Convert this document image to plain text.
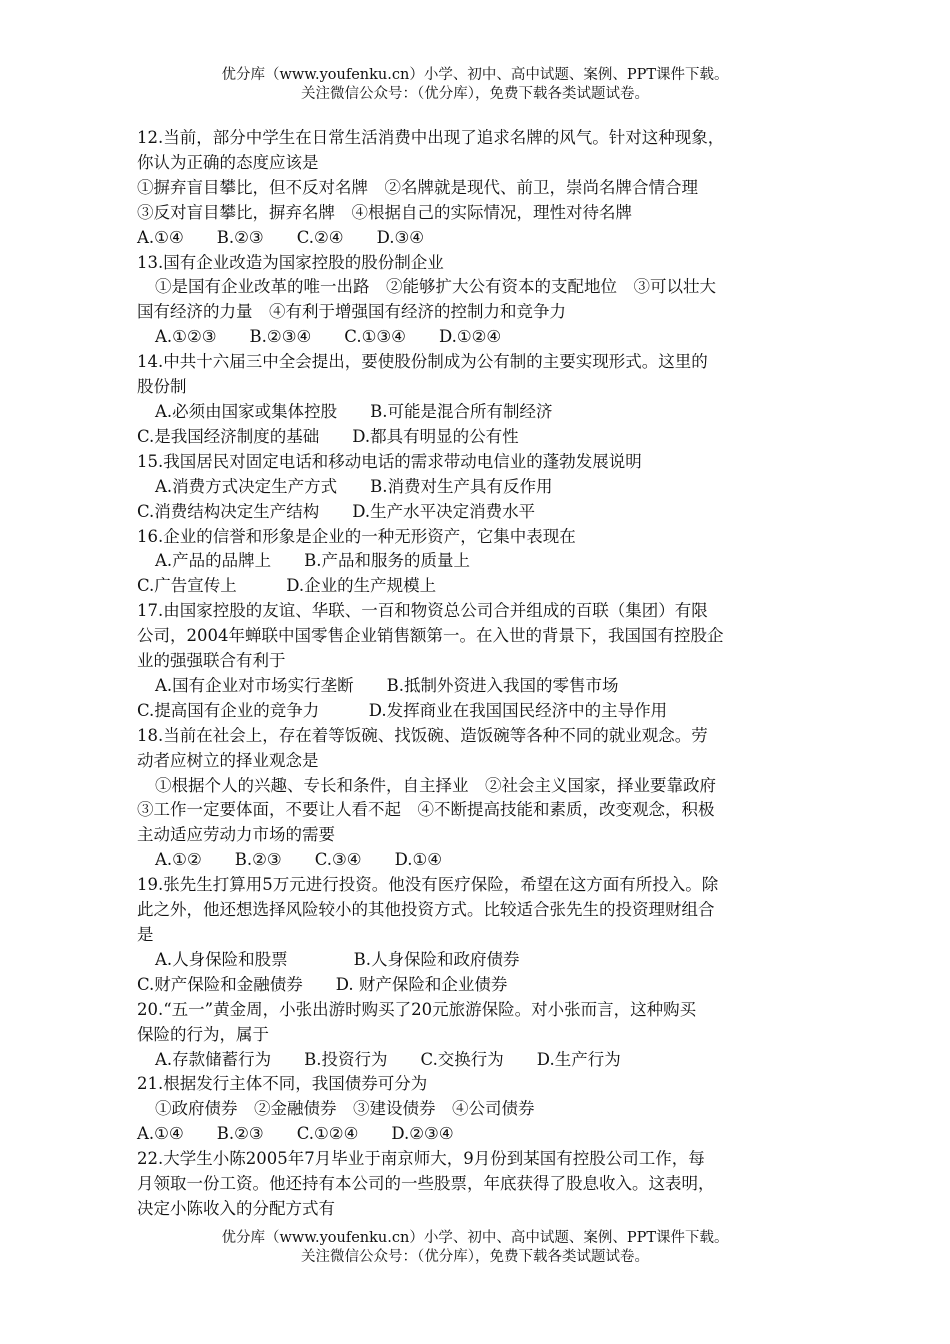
优分库（www.youfenku.cn）小学、初中、高中试题、案例、PPT课件下载。
关注微信公众号：（优分库），免费下载各类试题试卷。
12.当前，部分中学生在日常生活消费中出现了追求名牌的风气。针对这种现象，
你认为正确的态度应该是
①摒弃盲目攀比，但不反对名牌　②名牌就是现代、前卫，崇尚名牌合情合理
③反对盲目攀比，摒弃名牌　④根据自己的实际情况，理性对待名牌
A.①④　　B.②③　　C.②④　　D.③④
13.国有企业改造为国家控股的股份制企业
①是国有企业改革的唯一出路　②能够扩大公有资本的支配地位　③可以壮大
国有经济的力量　④有利于增强国有经济的控制力和竞争力
A.①②③　　B.②③④　　C.①③④　　D.①②④
14.中共十六届三中全会提出，要使股份制成为公有制的主要实现形式。这里的
股份制
A.必须由国家或集体控股　　B.可能是混合所有制经济
C.是我国经济制度的基础　　D.都具有明显的公有性
15.我国居民对固定电话和移动电话的需求带动电信业的蓬勃发展说明
A.消费方式决定生产方式　　B.消费对生产具有反作用
C.消费结构决定生产结构　　D.生产水平决定消费水平
16.企业的信誉和形象是企业的一种无形资产，它集中表现在
A.产品的品牌上　　B.产品和服务的质量上
C.广告宣传上　　　D.企业的生产规模上
17.由国家控股的友谊、华联、一百和物资总公司合并组成的百联（集团）有限
公司，2004年蝉联中国零售企业销售额第一。在入世的背景下，我国国有控股企
业的强强联合有利于
A.国有企业对市场实行垄断　　B.抵制外资进入我国的零售市场
C.提高国有企业的竞争力　　　D.发挥商业在我国国民经济中的主导作用
18.当前在社会上，存在着等饭碗、找饭碗、造饭碗等各种不同的就业观念。劳
动者应树立的择业观念是
①根据个人的兴趣、专长和条件，自主择业　②社会主义国家，择业要靠政府
③工作一定要体面，不要让人看不起　④不断提高技能和素质，改变观念，积极
主动适应劳动力市场的需要
A.①②　　B.②③　　C.③④　　D.①④
19.张先生打算用5万元进行投资。他没有医疗保险，希望在这方面有所投入。除
此之外，他还想选择风险较小的其他投资方式。比较适合张先生的投资理财组合
是
A.人身保险和股票　　　　B.人身保险和政府债券
C.财产保险和金融债券　　D. 财产保险和企业债券
20.“五一”黄金周，小张出游时购买了20元旅游保险。对小张而言，这种购买
保险的行为，属于
A.存款储蓄行为　　B.投资行为　　C.交换行为　　D.生产行为
21.根据发行主体不同，我国债券可分为
①政府债券　②金融债券　③建设债券　④公司债券
A.①④　　B.②③　　C.①②④　　D.②③④
22.大学生小陈2005年7月毕业于南京师大，9月份到某国有控股公司工作，每
月领取一份工资。他还持有本公司的一些股票，年底获得了股息收入。这表明，
决定小陈收入的分配方式有
优分库（www.youfenku.cn）小学、初中、高中试题、案例、PPT课件下载。
关注微信公众号：（优分库），免费下载各类试题试卷。
